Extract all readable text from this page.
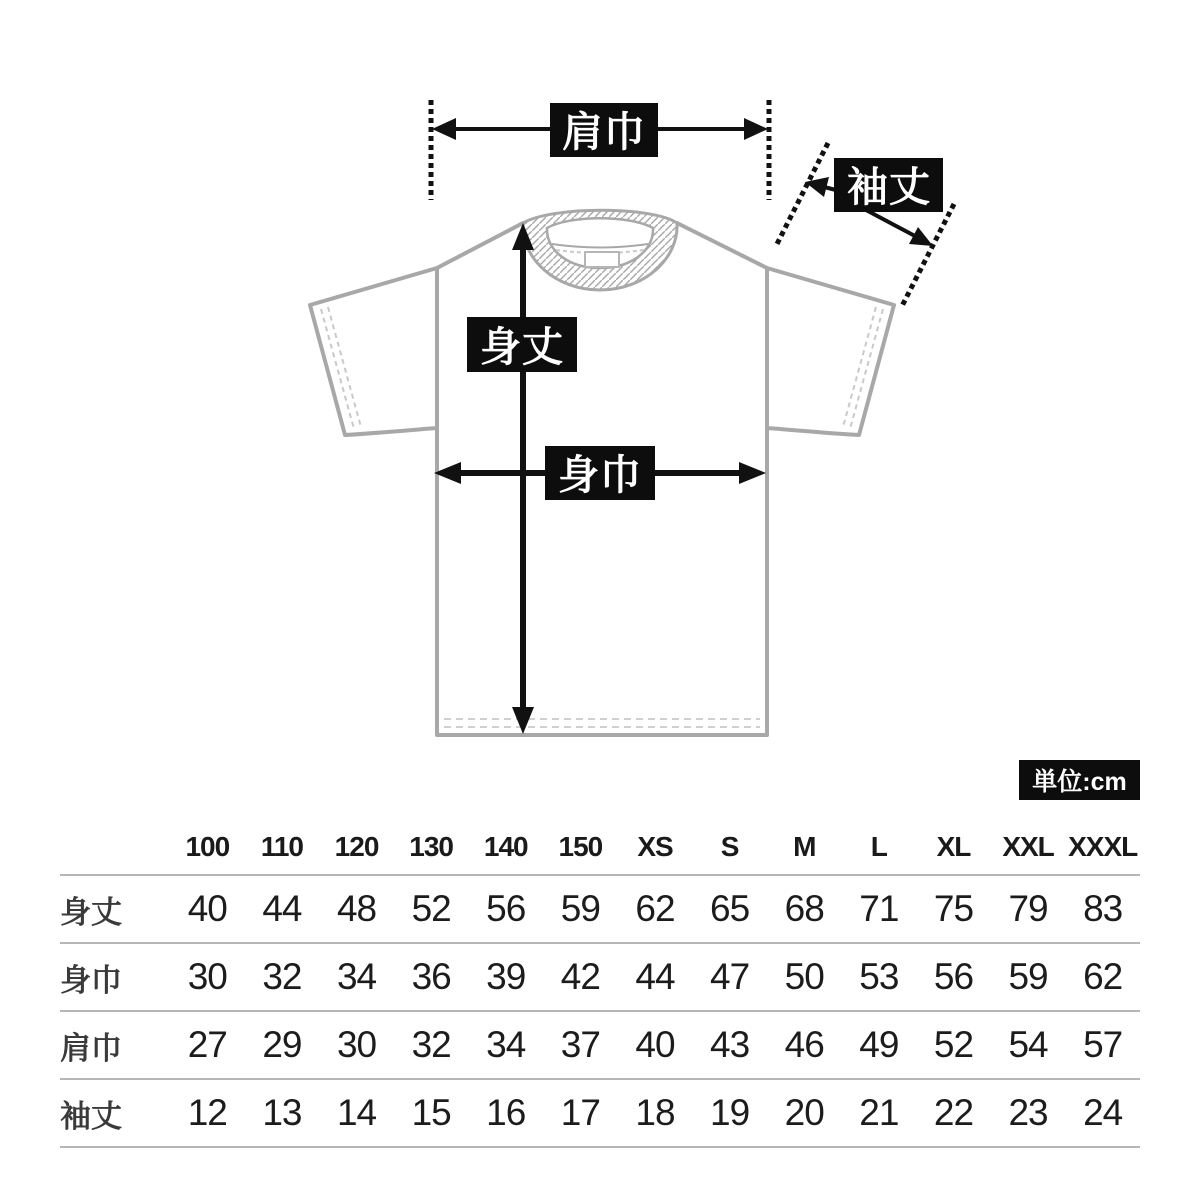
肩巾
袖丈
身丈
身巾
単位:cm
100	110	120	130	140	150	XS	S	M	L	XL	XXL XXXL
身丈	40 44 48 52 56 59 62 65 68 71 75 79 83
身巾	30 32 34 36 39 42 44 47 50 53 56 59 62
肩巾	27 29 30 32 34 37 40 43 46 49 52 54 57
袖丈	12 13 14 15 16 17 18 19 20 21 22 23 24
